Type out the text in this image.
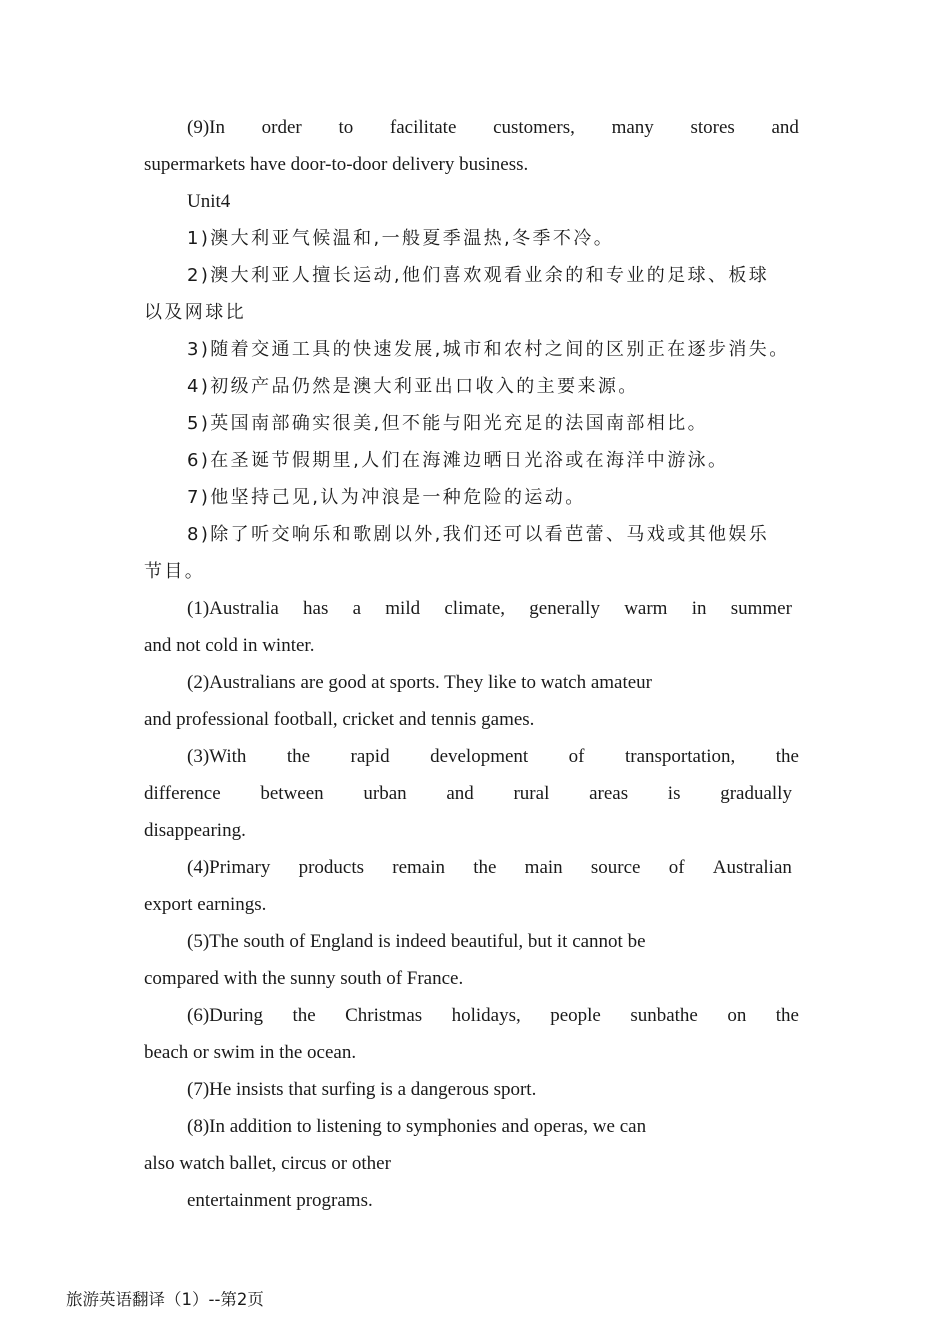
(9)In order to facilitate customers, many stores and
supermarkets have door-to-door delivery business.
Unit4
1)澳大利亚气候温和,一般夏季温热,冬季不冷。
2)澳大利亚人擅长运动,他们喜欢观看业余的和专业的足球、板球
以及网球比
3)随着交通工具的快速发展,城市和农村之间的区别正在逐步消失。
4)初级产品仍然是澳大利亚出口收入的主要来源。
5)英国南部确实很美,但不能与阳光充足的法国南部相比。
6)在圣诞节假期里,人们在海滩边晒日光浴或在海洋中游泳。
7)他坚持己见,认为冲浪是一种危险的运动。
8)除了听交响乐和歌剧以外,我们还可以看芭蕾、马戏或其他娱乐
节目。
(1)Australia has a mild climate, generally warm in summer
and not cold in winter.
(2)Australians are good at sports. They like to watch amateur
and professional football, cricket and tennis games.
(3)With the rapid development of transportation, the
difference between urban and rural areas is gradually
disappearing.
(4)Primary products remain the main source of Australian
export earnings.
(5)The south of England is indeed beautiful, but it cannot be
compared with the sunny south of France.
(6)During the Christmas holidays, people sunbathe on the
beach or swim in the ocean.
(7)He insists that surfing is a dangerous sport.
(8)In addition to listening to symphonies and operas, we can
also watch ballet, circus or other
entertainment programs.
旅游英语翻译（1）--第2页
